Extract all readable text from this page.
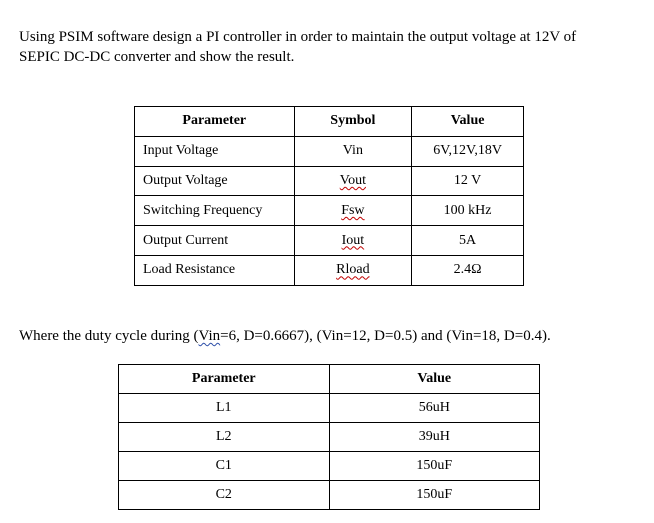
Using PSIM software design a PI controller in order to maintain the output voltage at 12V of
SEPIC DC-DC converter and show the result.

Parameter	Symbol	Value
Input Voltage	Vin	6V,12V,18V
Output Voltage	Vout	12 V
Switching Frequency	Fsw	100 kHz
Output Current	Iout	5A
Load Resistance	Rload	2.4Ω

Where the duty cycle during (Vin=6, D=0.6667), (Vin=12, D=0.5) and (Vin=18, D=0.4).

Parameter	Value
L1	56uH
L2	39uH
C1	150uF
C2	150uF
